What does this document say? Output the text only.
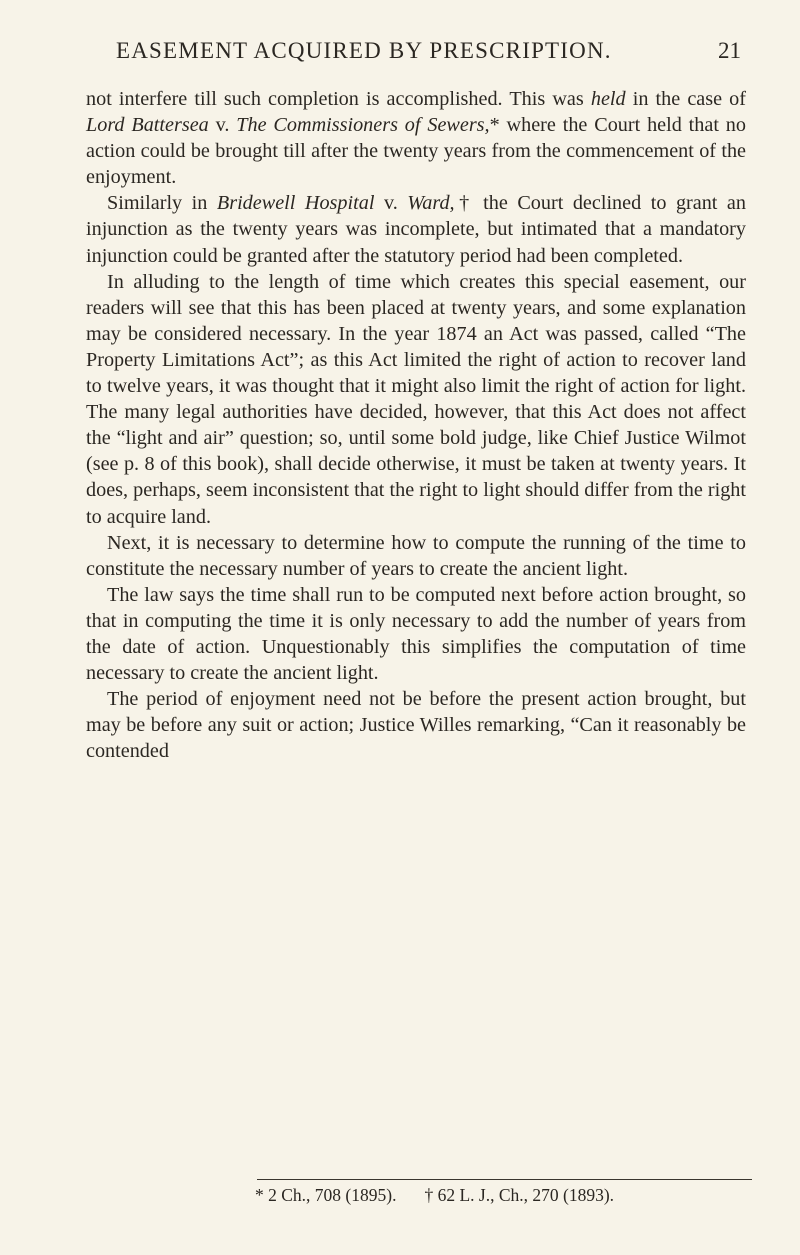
EASEMENT ACQUIRED BY PRESCRIPTION.	21

not interfere till such completion is accomplished. This was held in the case of Lord Battersea v. The Commissioners of Sewers,* where the Court held that no action could be brought till after the twenty years from the commencement of the enjoyment.

Similarly in Bridewell Hospital v. Ward,† the Court declined to grant an injunction as the twenty years was incomplete, but intimated that a mandatory injunction could be granted after the statutory period had been completed.

In alluding to the length of time which creates this special easement, our readers will see that this has been placed at twenty years, and some explanation may be considered necessary. In the year 1874 an Act was passed, called “The Property Limitations Act”; as this Act limited the right of action to recover land to twelve years, it was thought that it might also limit the right of action for light. The many legal authorities have decided, however, that this Act does not affect the “light and air” question; so, until some bold judge, like Chief Justice Wilmot (see p. 8 of this book), shall decide otherwise, it must be taken at twenty years. It does, perhaps, seem inconsistent that the right to light should differ from the right to acquire land.

Next, it is necessary to determine how to compute the running of the time to constitute the necessary number of years to create the ancient light.

The law says the time shall run to be computed next before action brought, so that in computing the time it is only necessary to add the number of years from the date of action. Unquestionably this simplifies the computation of time necessary to create the ancient light.

The period of enjoyment need not be before the present action brought, but may be before any suit or action; Justice Willes remarking, “Can it reasonably be contended

* 2 Ch., 708 (1895). † 62 L. J., Ch., 270 (1893).
